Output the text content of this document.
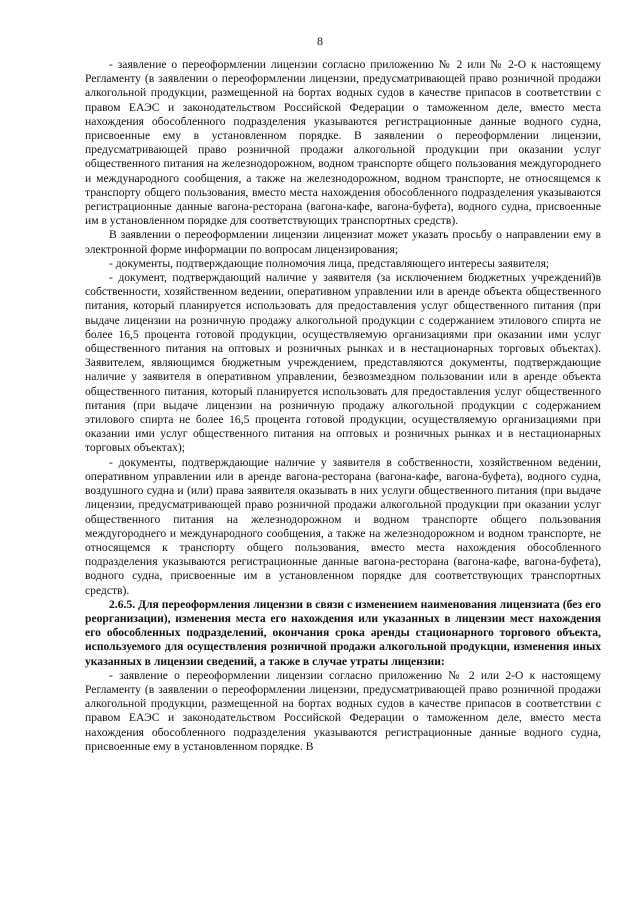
8

- заявление о переоформлении лицензии согласно приложению № 2 или № 2-О к настоящему Регламенту (в заявлении о переоформлении лицензии, предусматривающей право розничной продажи алкогольной продукции, размещенной на бортах водных судов в качестве припасов в соответствии с правом ЕАЭС и законодательством Российской Федерации о таможенном деле, вместо места нахождения обособленного подразделения указываются регистрационные данные водного судна, присвоенные ему в установленном порядке. В заявлении о переоформлении лицензии, предусматривающей право розничной продажи алкогольной продукции при оказании услуг общественного питания на железнодорожном, водном транспорте общего пользования междугороднего и международного сообщения, а также на железнодорожном, водном транспорте, не относящемся к транспорту общего пользования, вместо места нахождения обособленного подразделения указываются регистрационные данные вагона-ресторана (вагона-кафе, вагона-буфета), водного судна, присвоенные им в установленном порядке для соответствующих транспортных средств).

В заявлении о переоформлении лицензии лицензиат может указать просьбу о направлении ему в электронной форме информации по вопросам лицензирования;

- документы, подтверждающие полномочия лица, представляющего интересы заявителя;

- документ, подтверждающий наличие у заявителя (за исключением бюджетных учреждений)в собственности, хозяйственном ведении, оперативном управлении или в аренде объекта общественного питания, который планируется использовать для предоставления услуг общественного питания (при выдаче лицензии на розничную продажу алкогольной продукции с содержанием этилового спирта не более 16,5 процента готовой продукции, осуществляемую организациями при оказании ими услуг общественного питания на оптовых и розничных рынках и в нестационарных торговых объектах). Заявителем, являющимся бюджетным учреждением, представляются документы, подтверждающие наличие у заявителя в оперативном управлении, безвозмездном пользовании или в аренде объекта общественного питания, который планируется использовать для предоставления услуг общественного питания (при выдаче лицензии на розничную продажу алкогольной продукции с содержанием этилового спирта не более 16,5 процента готовой продукции, осуществляемую организациями при оказании ими услуг общественного питания на оптовых и розничных рынках и в нестационарных торговых объектах);

- документы, подтверждающие наличие у заявителя в собственности, хозяйственном ведении, оперативном управлении или в аренде вагона-ресторана (вагона-кафе, вагона-буфета), водного судна, воздушного судна и (или) права заявителя оказывать в них услуги общественного питания (при выдаче лицензии, предусматривающей право розничной продажи алкогольной продукции при оказании услуг общественного питания на железнодорожном и водном транспорте общего пользования междугороднего и международного сообщения, а также на железнодорожном и водном транспорте, не относящемся к транспорту общего пользования, вместо места нахождения обособленного подразделения указываются регистрационные данные вагона-ресторана (вагона-кафе, вагона-буфета), водного судна, присвоенные им в установленном порядке для соответствующих транспортных средств).

2.6.5. Для переоформления лицензии в связи с изменением наименования лицензиата (без его реорганизации), изменения места его нахождения или указанных в лицензии мест нахождения его обособленных подразделений, окончания срока аренды стационарного торгового объекта, используемого для осуществления розничной продажи алкогольной продукции, изменения иных указанных в лицензии сведений, а также в случае утраты лицензии:

- заявление о переоформлении лицензии согласно приложению № 2 или 2-О к настоящему Регламенту (в заявлении о переоформлении лицензии, предусматривающей право розничной продажи алкогольной продукции, размещенной на бортах водных судов в качестве припасов в соответствии с правом ЕАЭС и законодательством Российской Федерации о таможенном деле, вместо места нахождения обособленного подразделения указываются регистрационные данные водного судна, присвоенные ему в установленном порядке. В
